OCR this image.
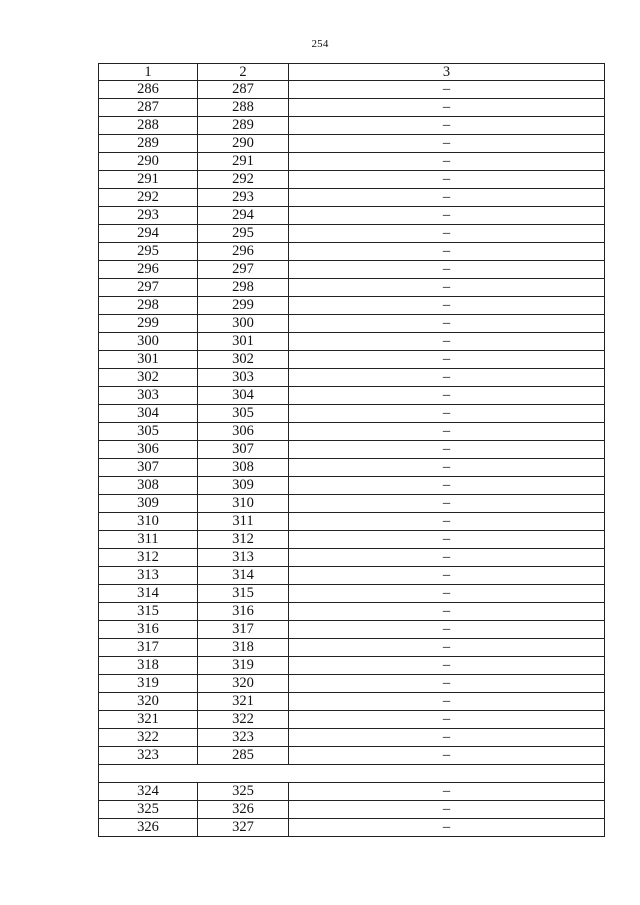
254
1	2	3
286	287	–
287	288	–
288	289	–
289	290	–
290	291	–
291	292	–
292	293	–
293	294	–
294	295	–
295	296	–
296	297	–
297	298	–
298	299	–
299	300	–
300	301	–
301	302	–
302	303	–
303	304	–
304	305	–
305	306	–
306	307	–
307	308	–
308	309	–
309	310	–
310	311	–
311	312	–
312	313	–
313	314	–
314	315	–
315	316	–
316	317	–
317	318	–
318	319	–
319	320	–
320	321	–
321	322	–
322	323	–
323	285	–

324	325	–
325	326	–
326	327	–
